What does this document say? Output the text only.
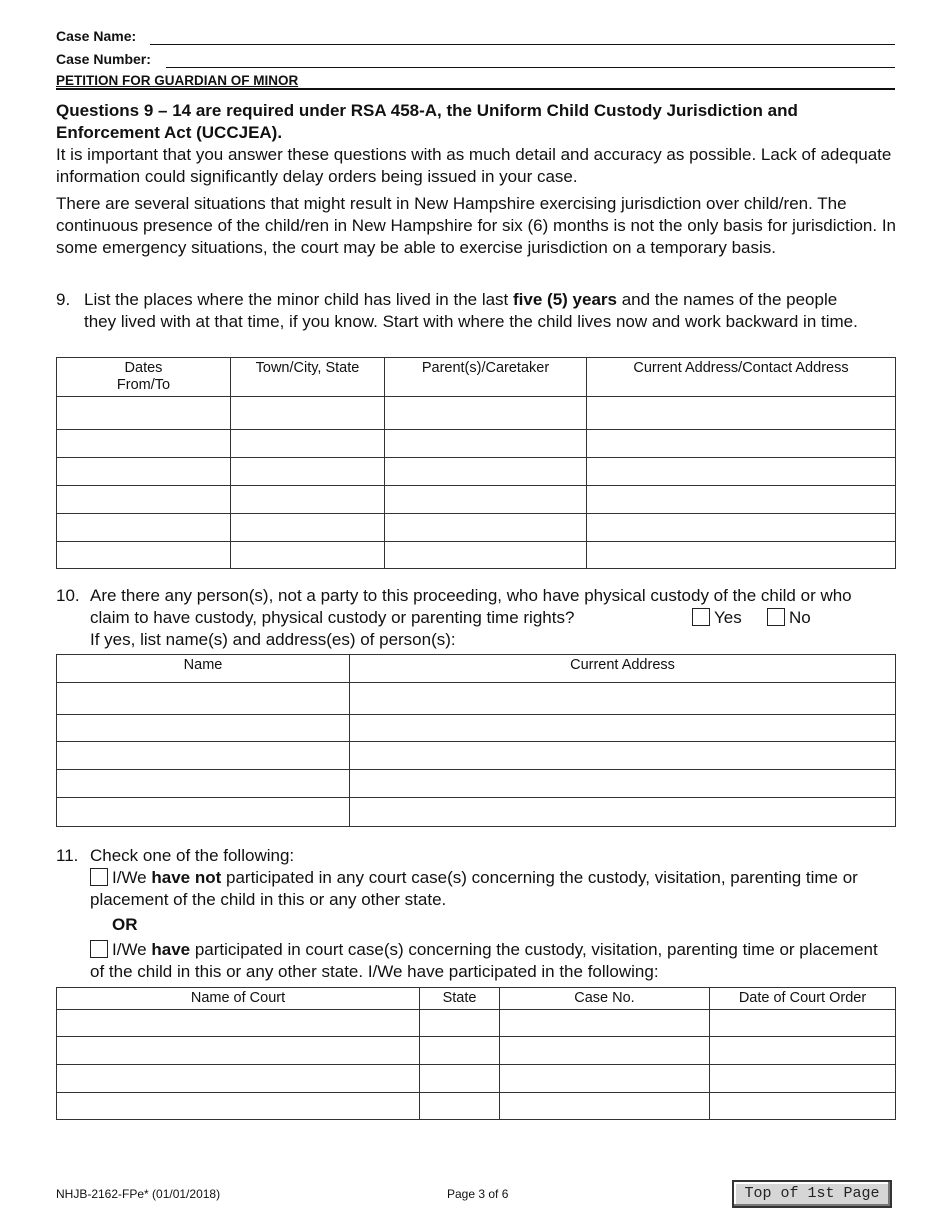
Case Name:
Case Number:
PETITION FOR GUARDIAN OF MINOR
Questions 9 – 14 are required under RSA 458-A, the Uniform Child Custody Jurisdiction and Enforcement Act (UCCJEA).
It is important that you answer these questions with as much detail and accuracy as possible. Lack of adequate information could significantly delay orders being issued in your case.
There are several situations that might result in New Hampshire exercising jurisdiction over child/ren. The continuous presence of the child/ren in New Hampshire for six (6) months is not the only basis for jurisdiction. In some emergency situations, the court may be able to exercise jurisdiction on a temporary basis.
9. List the places where the minor child has lived in the last five (5) years and the names of the people they lived with at that time, if you know. Start with where the child lives now and work backward in time.
Dates
From/To	Town/City, State	Parent(s)/Caretaker	Current Address/Contact Address

10. Are there any person(s), not a party to this proceeding, who have physical custody of the child or who claim to have custody, physical custody or parenting time rights?	Yes	No
If yes, list name(s) and address(es) of person(s):
Name	Current Address

11. Check one of the following:
I/We have not participated in any court case(s) concerning the custody, visitation, parenting time or placement of the child in this or any other state.
OR
I/We have participated in court case(s) concerning the custody, visitation, parenting time or placement of the child in this or any other state. I/We have participated in the following:
Name of Court	State	Case No.	Date of Court Order

NHJB-2162-FPe* (01/01/2018)	Page 3 of 6	Top of 1st Page
